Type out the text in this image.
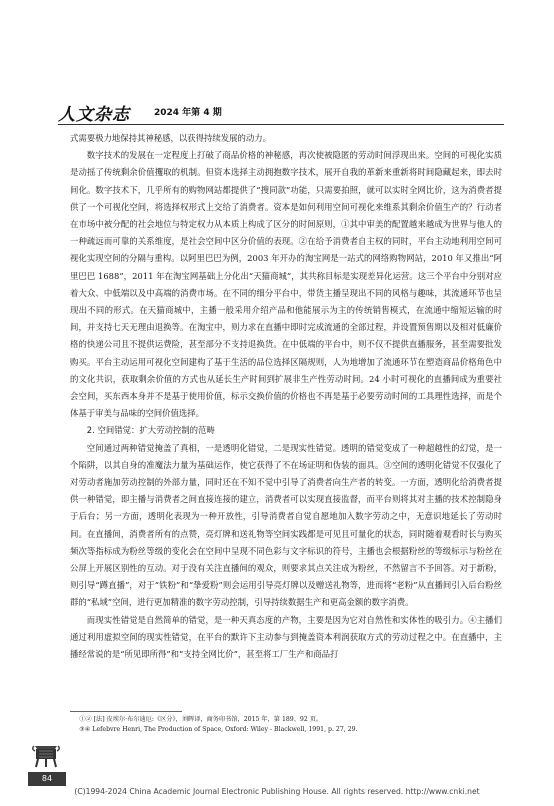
人文杂志	2024 年第 4 期

式需要极力地保持其神秘感，以获得持续发展的动力。

数字技术的发展在一定程度上打破了商品价格的神秘感，再次使被隐匿的劳动时间浮现出来。空间的可视化实质是动摇了传统剩余价值攫取的机制。但资本选择主动拥抱数字技术，展开自我的革新来重新将时间隐藏起来，即去时间化。数字技术下，几乎所有的购物网站都提供了“搜同款”功能，只需要拍照，就可以实时全网比价，这为消费者提供了一个可视化空间，将选择权形式上交给了消费者。资本是如何利用空间可视化来维系其剩余价值生产的？行动者在市场中被分配的社会地位与特定权力从本质上构成了区分的时间原则，①其中审美的配置越来越成为世界与他人的一种疏远而可靠的关系维度，是社会空间中区分价值的表现。②在给予消费者自主权的同时，平台主动地利用空间可视化实现空间的分隔与重构。以阿里巴巴为例，2003 年开办的淘宝网是一站式的网络购物网站，2010 年又推出“阿里巴巴 1688”，2011 年在淘宝网基础上分化出“天猫商城”，其共称目标是实现差异化运营。这三个平台中分别对应着大众、中低端以及中高端的消费市场。在不同的细分平台中，带货主播呈现出不同的风格与趣味，其流通环节也呈现出不同的形式。在天猫商城中，主播一般采用介绍产品和他能展示为主的传统销售模式，在流通中缩短运输的时间，并支持七天无理由退换等。在淘宝中，则力求在直播中即时完成流通的全部过程，并设置预售期以及相对低廉价格的快递公司且不提供运费险，甚至部分不支持退换货。在中低端的平台中，则不仅不提供直播服务，甚至需要批发购买。平台主动运用可视化空间建构了基于生活的品位选择区隔规则，人为地增加了流通环节在塑造商品价格角色中的文化共识，获取剩余价值的方式也从延长生产时间到扩展非生产性劳动时间。24 小时可视化的直播间成为重要社会空间，买东西本身并不是基于使用价值，标示交换价值的价格也不再是基于必要劳动时间的工具理性选择，而是个体基于审美与品味的空间价值选择。

2. 空间错觉：扩大劳动控制的范畴

空间通过两种错觉掩盖了真相，一是透明化错觉，二是现实性错觉。透明的错觉变成了一种超越性的幻觉，是一个陷阱，以其自身的准魔法力量为基础运作，使它获得了不在场证明和伪装的面具。③空间的透明化错觉不仅强化了对劳动者施加劳动控制的外部力量，同时还在不知不觉中引导了消费者向生产者的转变。一方面，透明化给消费者提供一种错觉，即主播与消费者之间直接连接的建立，消费者可以实现直接监督，而平台则将其对主播的技术控制隐身于后台；另一方面，透明化表现为一种开放性，引导消费者自觉自愿地加入数字劳动之中，无意识地延长了劳动时间。在直播间，消费者所有的点赞，亮灯牌和送礼物等空间实践都是可见且可量化的状态，同时随着观看时长与购买频次等指标成为粉丝等级的变化会在空间中呈现不同色彩与文字标识的符号，主播也会根据粉丝的等级标示与粉丝在公屏上开展区别性的互动。对于没有关注直播间的观众，则要求其点关注成为粉丝，不然留言不予回答。对于新粉，则引导“蹲直播”，对于“铁粉”和“挚爱粉”则会运用引导亮灯牌以及赠送礼物等，进而将“老粉”从直播间引入后台粉丝群的“私域”空间，进行更加精准的数字劳动控制，引导持续数据生产和更高金额的数字消费。

而现实性错觉是自然简单的错觉，是一种天真态度的产物，主要是因为它对自然性和实体性的吸引力。④主播们通过利用虚拟空间的现实性错觉，在平台的默许下主动参与到掩盖资本利润获取方式的劳动过程之中。在直播中，主播经常说的是“所见即所得”和“支持全网比价”，甚至将工厂生产和商品打

①② [法] 皮埃尔·布尔迪厄:《区分》，刘晖译，商务印书馆，2015 年，第 189、92 页。
③④ Lefebvre Henri, The Production of Space, Oxford: Wiley - Blackwell, 1991, p. 27, 29.
84
(C)1994-2024 China Academic Journal Electronic Publishing House. All rights reserved. http://www.cnki.net
